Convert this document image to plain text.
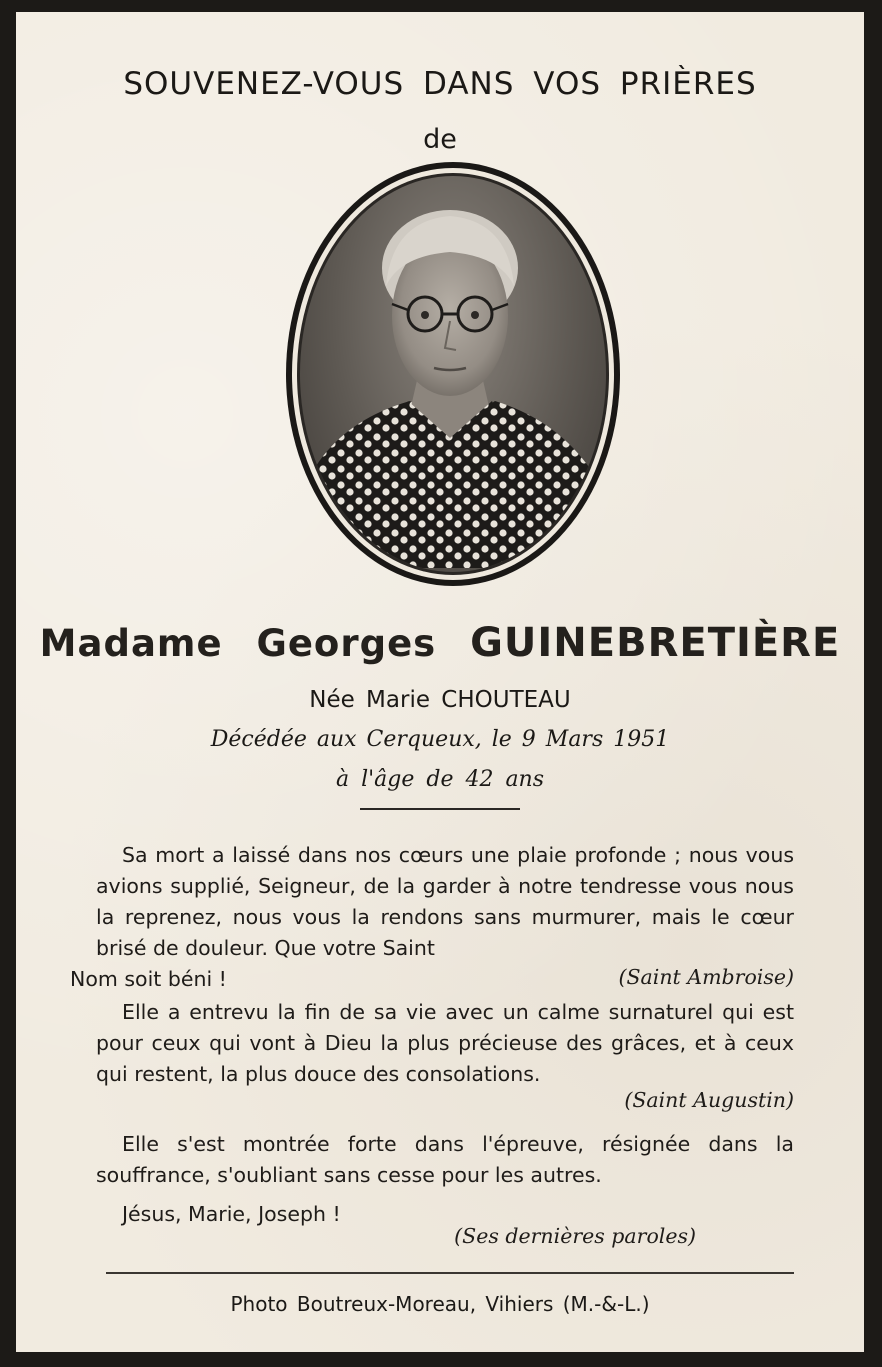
SOUVENEZ-VOUS DANS VOS PRIÈRES
de
Madame Georges GUINEBRETIÈRE
Née Marie CHOUTEAU
Décédée aux Cerqueux, le 9 Mars 1951
à l'âge de 42 ans
Sa mort a laissé dans nos cœurs une plaie profonde ; nous vous avions supplié, Seigneur, de la garder à notre tendresse vous nous la reprenez, nous vous la rendons sans murmurer, mais le cœur brisé de douleur. Que votre Saint
Nom soit béni !	(Saint Ambroise)
Elle a entrevu la fin de sa vie avec un calme surnaturel qui est pour ceux qui vont à Dieu la plus précieuse des grâces, et à ceux qui restent, la plus douce des consolations.
(Saint Augustin)
Elle s'est montrée forte dans l'épreuve, résignée dans la souffrance, s'oubliant sans cesse pour les autres.
Jésus, Marie, Joseph !
(Ses dernières paroles)
Photo Boutreux-Moreau, Vihiers (M.-&-L.)
